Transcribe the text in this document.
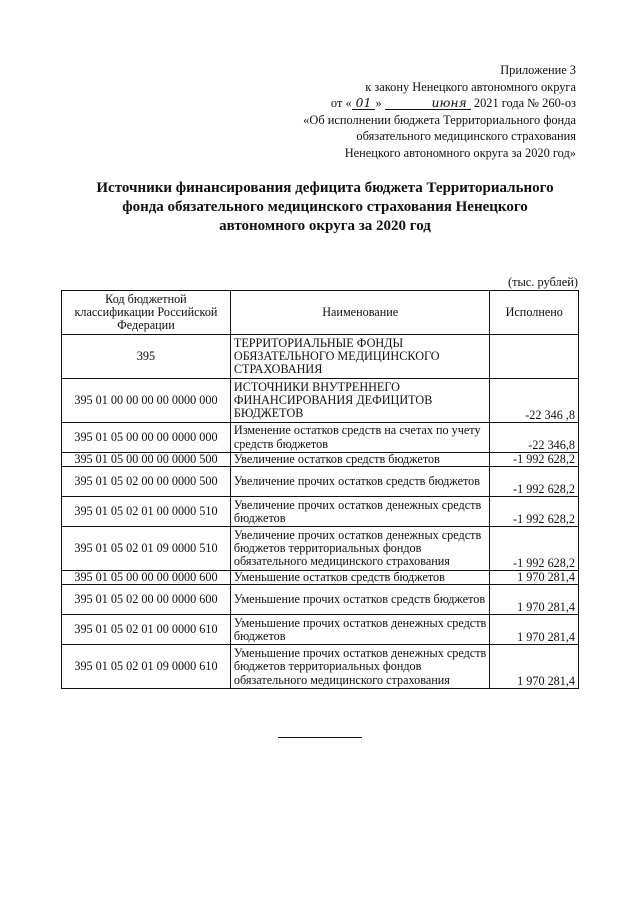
Приложение 3
к закону Ненецкого автономного округа
от « 01 »	июня 2021 года № 260-оз
«Об исполнении бюджета Территориального фонда
обязательного медицинского страхования
Ненецкого автономного округа за 2020 год»
Источники финансирования дефицита бюджета Территориального
фонда обязательного медицинского страхования Ненецкого
автономного округа за 2020 год
(тыс. рублей)
Код бюджетной классификации Российской Федерации	Наименование	Исполнено
395	ТЕРРИТОРИАЛЬНЫЕ ФОНДЫ ОБЯЗАТЕЛЬНОГО МЕДИЦИНСКОГО СТРАХОВАНИЯ	
395 01 00 00 00 00 0000 000	ИСТОЧНИКИ ВНУТРЕННЕГО ФИНАНСИРОВАНИЯ ДЕФИЦИТОВ БЮДЖЕТОВ	-22 346 ,8
395 01 05 00 00 00 0000 000	Изменение остатков средств на счетах по учету средств бюджетов	-22 346,8
395 01 05 00 00 00 0000 500	Увеличение остатков средств бюджетов	-1 992 628,2
395 01 05 02 00 00 0000 500	Увеличение прочих остатков средств бюджетов	-1 992 628,2
395 01 05 02 01 00 0000 510	Увеличение прочих остатков денежных средств бюджетов	-1 992 628,2
395 01 05 02 01 09 0000 510	Увеличение прочих остатков денежных средств бюджетов территориальных фондов обязательного медицинского страхования	-1 992 628,2
395 01 05 00 00 00 0000 600	Уменьшение остатков средств бюджетов	1 970 281,4
395 01 05 02 00 00 0000 600	Уменьшение прочих остатков средств бюджетов	1 970 281,4
395 01 05 02 01 00 0000 610	Уменьшение прочих остатков денежных средств бюджетов	1 970 281,4
395 01 05 02 01 09 0000 610	Уменьшение прочих остатков денежных средств бюджетов территориальных фондов обязательного медицинского страхования	1 970 281,4
